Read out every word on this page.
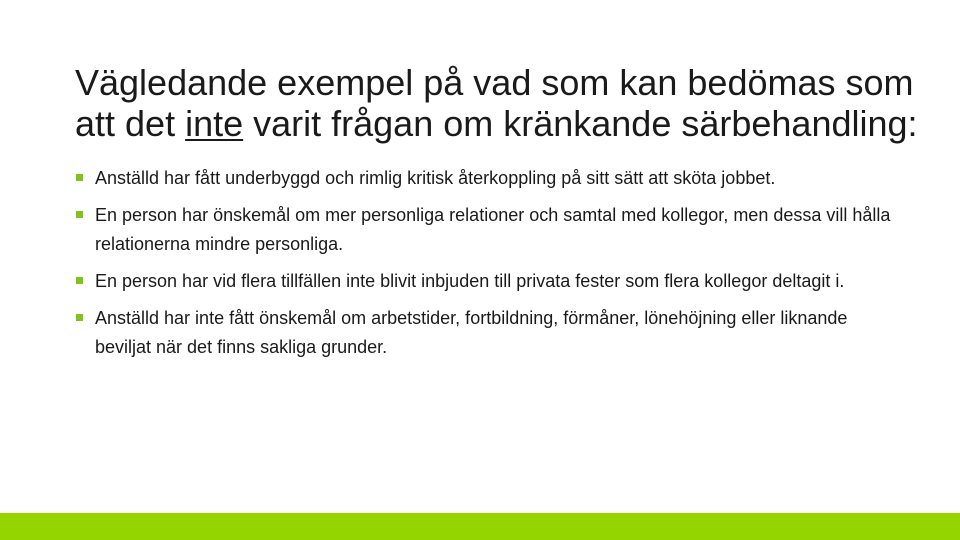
Vägledande exempel på vad som kan bedömas som att det inte varit frågan om kränkande särbehandling:
Anställd har fått underbyggd och rimlig kritisk återkoppling på sitt sätt att sköta jobbet.
En person har önskemål om mer personliga relationer och samtal med kollegor, men dessa vill hålla relationerna mindre personliga.
En person har vid flera tillfällen inte blivit inbjuden till privata fester som flera kollegor deltagit i.
Anställd har inte fått önskemål om arbetstider, fortbildning, förmåner, lönehöjning eller liknande beviljat när det finns sakliga grunder.
